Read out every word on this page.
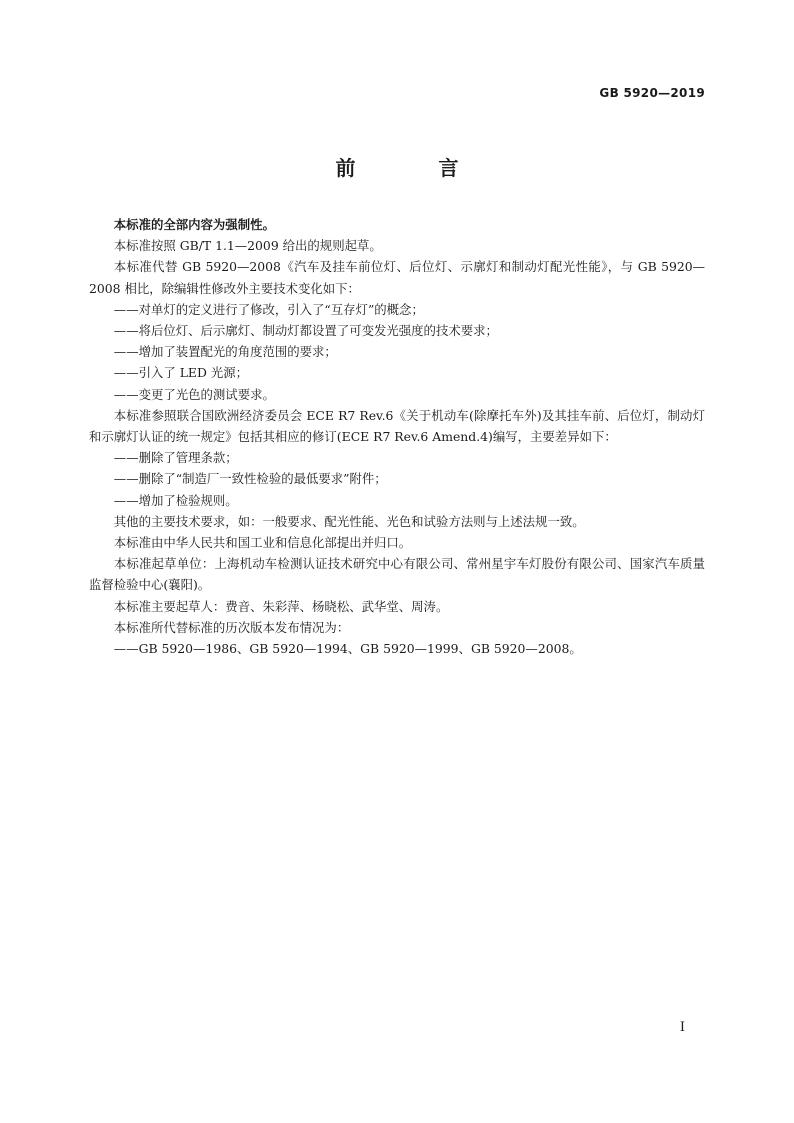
GB 5920—2019
前 言

本标准的全部内容为强制性。

本标准按照 GB/T 1.1—2009 给出的规则起草。

本标准代替 GB 5920—2008《汽车及挂车前位灯、后位灯、示廓灯和制动灯配光性能》，与 GB 5920—2008 相比，除编辑性修改外主要技术变化如下：

——对单灯的定义进行了修改，引入了“互存灯”的概念；

——将后位灯、后示廓灯、制动灯都设置了可变发光强度的技术要求；

——增加了装置配光的角度范围的要求；

——引入了 LED 光源；

——变更了光色的测试要求。

本标准参照联合国欧洲经济委员会 ECE R7 Rev.6《关于机动车(除摩托车外)及其挂车前、后位灯，制动灯和示廓灯认证的统一规定》包括其相应的修订(ECE R7 Rev.6 Amend.4)编写，主要差异如下：

——删除了管理条款；

——删除了“制造厂一致性检验的最低要求”附件；

——增加了检验规则。

其他的主要技术要求，如：一般要求、配光性能、光色和试验方法则与上述法规一致。

本标准由中华人民共和国工业和信息化部提出并归口。

本标准起草单位：上海机动车检测认证技术研究中心有限公司、常州星宇车灯股份有限公司、国家汽车质量监督检验中心(襄阳)。

本标准主要起草人：费音、朱彩萍、杨晓松、武华堂、周涛。

本标准所代替标准的历次版本发布情况为：

——GB 5920—1986、GB 5920—1994、GB 5920—1999、GB 5920—2008。

I
